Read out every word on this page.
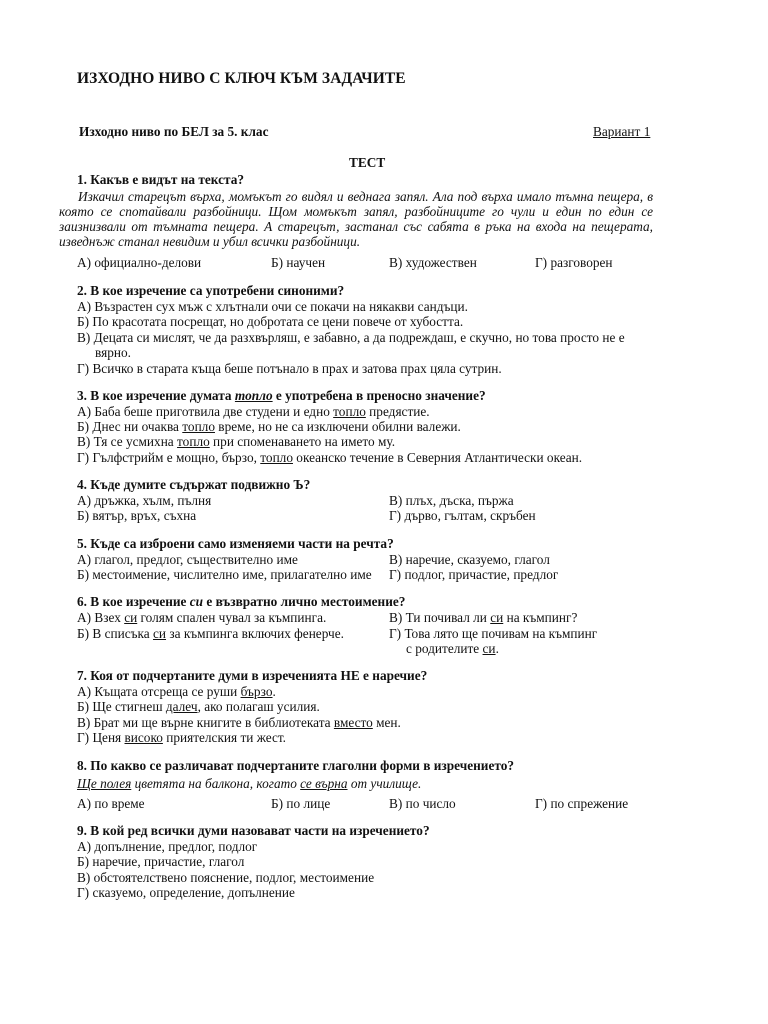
ИЗХОДНО НИВО С КЛЮЧ КЪМ ЗАДАЧИТЕ
Изходно ниво по БЕЛ за 5. клас	Вариант 1
ТЕСТ
1. Какъв е видът на текста?

Изкачил старецът върха, момъкът го видял и веднага запял. Ала под върха имало тъмна пещера, в която се спотайвали разбойници. Щом момъкът запял, разбойниците го чули и един по един се заизнизвали от тъмната пещера. А старецът, застанал със сабята в ръка на входа на пещерата, изведнъж станал невидим и убил всички разбойници.

А) официално-делови	Б) научен	В) художествен	Г) разговорен
2. В кое изречение са употребени синоними?
А) Възрастен сух мъж с хлътнали очи се покачи на някакви сандъци.
Б) По красотата посрещат, но добротата се цени повече от хубостта.
В) Децата си мислят, че да разхвърляш, е забавно, а да подреждаш, е скучно, но това просто не е
вярно.
Г) Всичко в старата къща беше потънало в прах и затова прах цяла сутрин.
3. В кое изречение думата топло е употребена в преносно значение?
А) Баба беше приготвила две студени и едно топло предястие.
Б) Днес ни очаква топло време, но не са изключени обилни валежи.
В) Тя се усмихна топло при споменаването на името му.
Г) Гълфстрийм е мощно, бързо, топло океанско течение в Северния Атлантически океан.
4. Къде думите съдържат подвижно Ъ?
А) дръжка, хълм, пълня
Б) вятър, връх, съхна
В) плъх, дъска, пържа
Г) дърво, гълтам, скръбен
5. Къде са изброени само изменяеми части на речта?
А) глагол, предлог, съществително име
Б) местоимение, числително име, прилагателно име
В) наречие, сказуемо, глагол
Г) подлог, причастие, предлог
6. В кое изречение си е възвратно лично местоимение?
А) Взех си голям спален чувал за къмпинга.
Б) В списъка си за къмпинга включих фенерче.
В) Ти почивал ли си на къмпинг?
Г) Това лято ще почивам на къмпинг
с родителите си.
7. Коя от подчертаните думи в изреченията НЕ е наречие?
А) Къщата отсреща се руши бързо.
Б) Ще стигнеш далеч, ако полагаш усилия.
В) Брат ми ще върне книгите в библиотеката вместо мен.
Г) Ценя високо приятелския ти жест.
8. По какво се различават подчертаните глаголни форми в изречението?
Ще полея цветята на балкона, когато се върна от училище.
А) по време	Б) по лице	В) по число	Г) по спрежение
9. В кой ред всички думи назовават части на изречението?
А) допълнение, предлог, подлог
Б) наречие, причастие, глагол
В) обстоятелствено пояснение, подлог, местоимение
Г) сказуемо, определение, допълнение
